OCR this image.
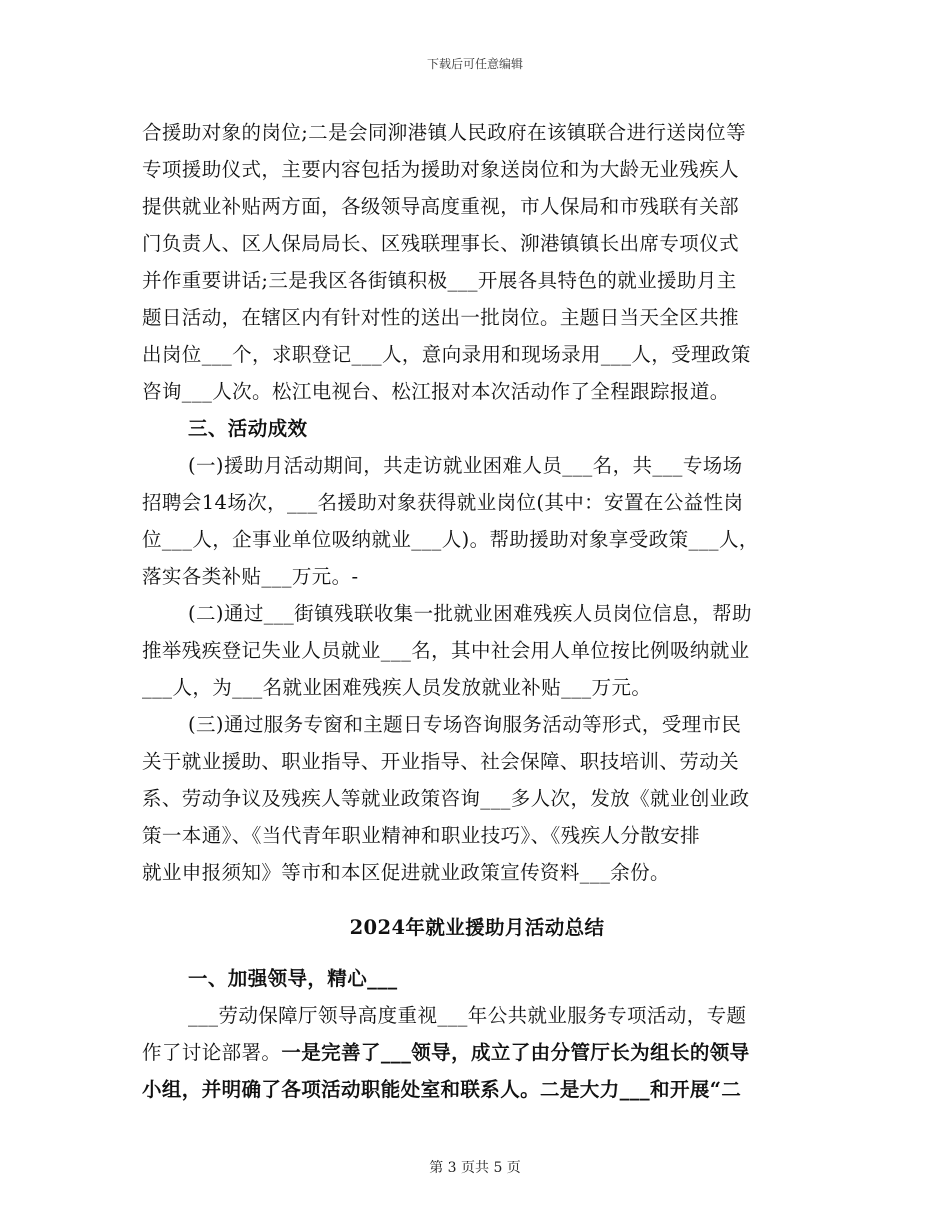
下载后可任意编辑
合援助对象的岗位;二是会同泖港镇人民政府在该镇联合进行送岗位等
专项援助仪式，主要内容包括为援助对象送岗位和为大龄无业残疾人
提供就业补贴两方面，各级领导高度重视，市人保局和市残联有关部
门负责人、区人保局局长、区残联理事长、泖港镇镇长出席专项仪式
并作重要讲话;三是我区各街镇积极___开展各具特色的就业援助月主
题日活动，在辖区内有针对性的送出一批岗位。主题日当天全区共推
出岗位___个，求职登记___人，意向录用和现场录用___人，受理政策
咨询___人次。松江电视台、松江报对本次活动作了全程跟踪报道。
三、活动成效
(一)援助月活动期间，共走访就业困难人员___名，共___专场场
招聘会14场次，___名援助对象获得就业岗位(其中：安置在公益性岗
位___人，企事业单位吸纳就业___人)。帮助援助对象享受政策___人，
落实各类补贴___万元。-
(二)通过___街镇残联收集一批就业困难残疾人员岗位信息，帮助
推举残疾登记失业人员就业___名，其中社会用人单位按比例吸纳就业
___人，为___名就业困难残疾人员发放就业补贴___万元。
(三)通过服务专窗和主题日专场咨询服务活动等形式，受理市民
关于就业援助、职业指导、开业指导、社会保障、职技培训、劳动关
系、劳动争议及残疾人等就业政策咨询___多人次，发放《就业创业政
策一本通》、《当代青年职业精神和职业技巧》、《残疾人分散安排
就业申报须知》等市和本区促进就业政策宣传资料___余份。
2024年就业援助月活动总结
一、加强领导，精心___
___劳动保障厅领导高度重视___年公共就业服务专项活动，专题
作了讨论部署。一是完善了___领导，成立了由分管厅长为组长的领导
小组，并明确了各项活动职能处室和联系人。二是大力___和开展“二
第 3 页共 5 页
